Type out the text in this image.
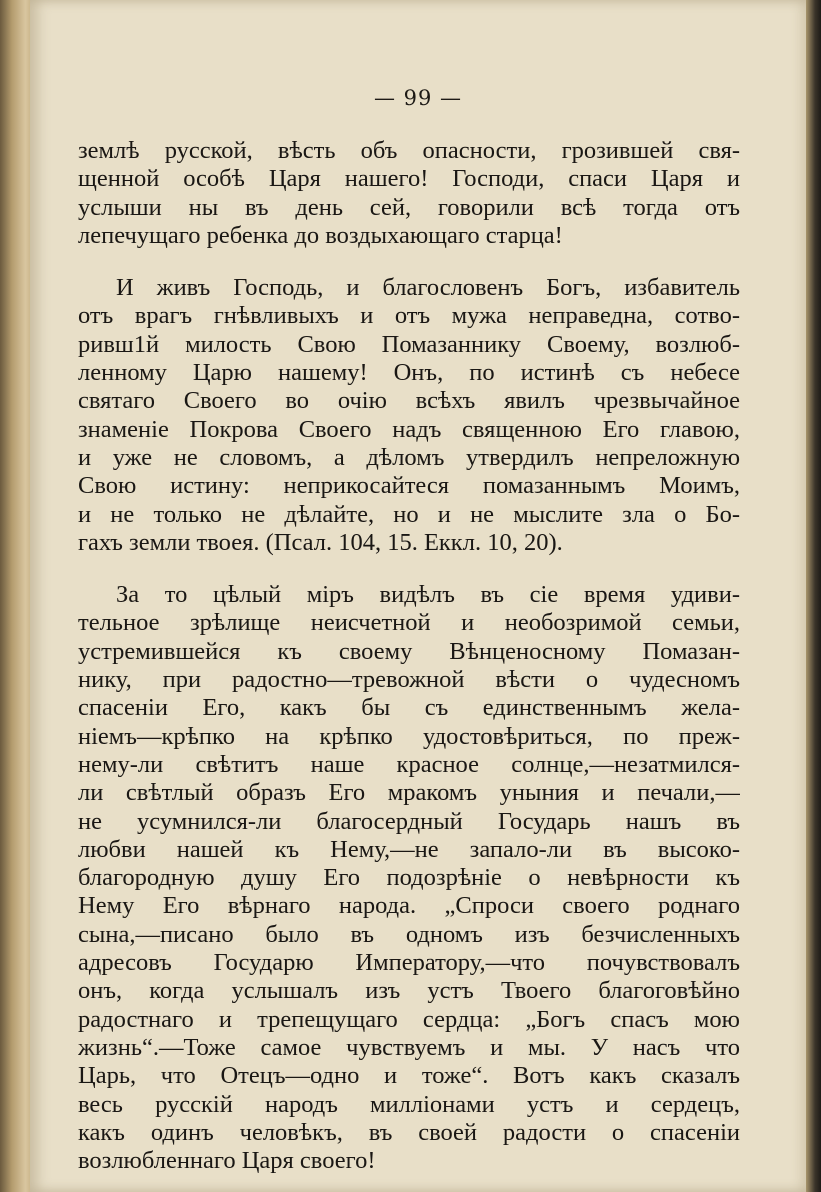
— 99 —
землѣ русской, вѣсть объ опасности, грозившей свя-
щенной особѣ Царя нашего! Господи, спаси Царя и
услыши ны въ день сей, говорили всѣ тогда отъ
лепечущаго ребенка до воздыхающаго старца!
И живъ Господь, и благословенъ Богъ, избавитель
отъ врагъ гнѣвливыхъ и отъ мужа неправедна, сотво-
ривш1й милость Свою Помазаннику Своему, возлюб-
ленному Царю нашему! Онъ, по истинѣ съ небесе
святаго Своего во очiю всѣхъ явилъ чрезвычайное
знаменiе Покрова Своего надъ священною Его главою,
и уже не словомъ, а дѣломъ утвердилъ непреложную
Свою истину: неприкосайтеся помазаннымъ Моимъ,
и не только не дѣлайте, но и не мыслите зла о Бо-
гахъ земли твоея. (Псал. 104, 15. Еккл. 10, 20).
За то цѣлый мiръ видѣлъ въ сiе время удиви-
тельное зрѣлище неисчетной и необозримой семьи,
устремившейся къ своему Вѣнценосному Помазан-
нику, при радостно—тревожной вѣсти о чудесномъ
спасенiи Его, какъ бы съ единственнымъ жела-
нiемъ—крѣпко на крѣпко удостовѣриться, по преж-
нему-ли свѣтитъ наше красное солнце,—незатмился-
ли свѣтлый образъ Его мракомъ уныния и печали,—
не усумнился-ли благосердный Государь нашъ въ
любви нашей къ Нему,—не запало-ли въ высоко-
благородную душу Его подозрѣнiе о невѣрности къ
Нему Его вѣрнаго народа. „Спроси своего роднаго
сына,—писано было въ одномъ изъ безчисленныхъ
адресовъ Государю Императору,—что почувствовалъ
онъ, когда услышалъ изъ устъ Твоего благоговѣйно
радостнаго и трепещущаго сердца: „Богъ спасъ мою
жизнь“.—Тоже самое чувствуемъ и мы. У насъ что
Царь, что Отецъ—одно и тоже“. Вотъ какъ сказалъ
весь русскiй народъ миллiонами устъ и сердецъ,
какъ одинъ человѣкъ, въ своей радости о спасенiи
возлюбленнаго Царя своего!
